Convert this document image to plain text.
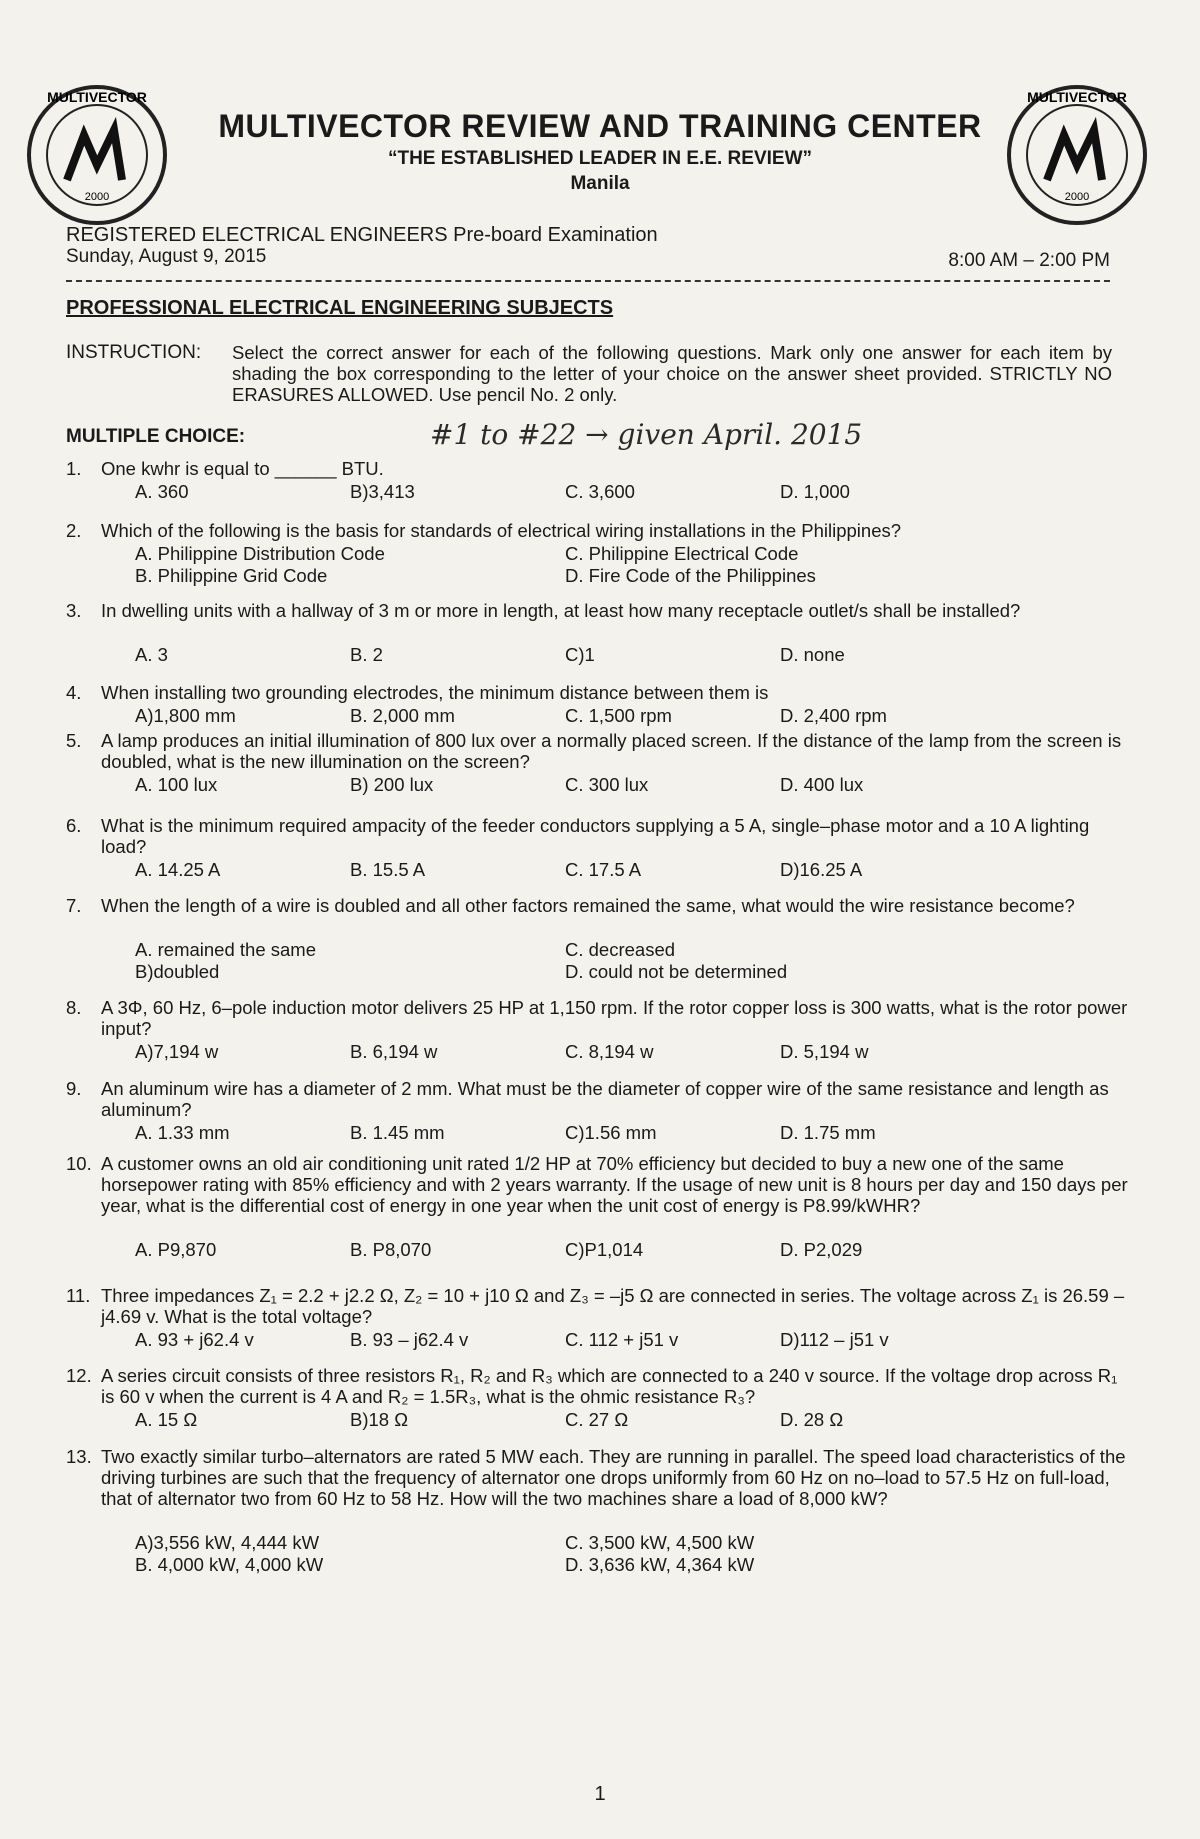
MULTIVECTOR
2000
MULTIVECTOR
2000
MULTIVECTOR REVIEW AND TRAINING CENTER
“THE ESTABLISHED LEADER IN E.E. REVIEW”
Manila
REGISTERED ELECTRICAL ENGINEERS Pre-board Examination
Sunday, August 9, 2015	8:00 AM – 2:00 PM
PROFESSIONAL ELECTRICAL ENGINEERING SUBJECTS
INSTRUCTION: Select the correct answer for each of the following questions. Mark only one answer for each item by shading the box corresponding to the letter of your choice on the answer sheet provided. STRICTLY NO ERASURES ALLOWED. Use pencil No. 2 only.
MULTIPLE CHOICE:	#1 to #22 → given April. 2015
1. One kwhr is equal to ______ BTU.
2. Which of the following is the basis for standards of electrical wiring installations in the Philippines?
3. In dwelling units with a hallway of 3 m or more in length, at least how many receptacle outlet/s shall be installed?
4. When installing two grounding electrodes, the minimum distance between them is
5. A lamp produces an initial illumination of 800 lux over a normally placed screen. If the distance of the lamp from the screen is doubled, what is the new illumination on the screen?
6. What is the minimum required ampacity of the feeder conductors supplying a 5 A, single–phase motor and a 10 A lighting load?
7. When the length of a wire is doubled and all other factors remained the same, what would the wire resistance become?
8. A 3Φ, 60 Hz, 6–pole induction motor delivers 25 HP at 1,150 rpm. If the rotor copper loss is 300 watts, what is the rotor power input?
9. An aluminum wire has a diameter of 2 mm. What must be the diameter of copper wire of the same resistance and length as aluminum?
10. A customer owns an old air conditioning unit rated 1/2 HP at 70% efficiency but decided to buy a new one of the same horsepower rating with 85% efficiency and with 2 years warranty. If the usage of new unit is 8 hours per day and 150 days per year, what is the differential cost of energy in one year when the unit cost of energy is P8.99/kWHR?
11. Three impedances Z₁ = 2.2 + j2.2 Ω, Z₂ = 10 + j10 Ω and Z₃ = –j5 Ω are connected in series. The voltage across Z₁ is 26.59 – j4.69 v. What is the total voltage?
12. A series circuit consists of three resistors R₁, R₂ and R₃ which are connected to a 240 v source. If the voltage drop across R₁ is 60 v when the current is 4 A and R₂ = 1.5R₃, what is the ohmic resistance R₃?
13. Two exactly similar turbo–alternators are rated 5 MW each. They are running in parallel. The speed load characteristics of the driving turbines are such that the frequency of alternator one drops uniformly from 60 Hz on no–load to 57.5 Hz on full-load, that of alternator two from 60 Hz to 58 Hz. How will the two machines share a load of 8,000 kW?
1
A. 360	B)3,413	C. 3,600	D. 1,000
A. Philippine Distribution Code	C. Philippine Electrical Code
B. Philippine Grid Code	D. Fire Code of the Philippines
A. 3	B. 2	C)1	D. none
A)1,800 mm	B. 2,000 mm	C. 1,500 rpm	D. 2,400 rpm
A. 100 lux	B) 200 lux	C. 300 lux	D. 400 lux
A. 14.25 A	B. 15.5 A	C. 17.5 A	D)16.25 A
A. remained the same	C. decreased
B)doubled	D. could not be determined
A)7,194 w	B. 6,194 w	C. 8,194 w	D. 5,194 w
A. 1.33 mm	B. 1.45 mm	C)1.56 mm	D. 1.75 mm
A. P9,870	B. P8,070	C)P1,014	D. P2,029
A. 93 + j62.4 v	B. 93 – j62.4 v	C. 112 + j51 v	D)112 – j51 v
A. 15 Ω	B)18 Ω	C. 27 Ω	D. 28 Ω
A)3,556 kW, 4,444 kW	C. 3,500 kW, 4,500 kW
B. 4,000 kW, 4,000 kW	D. 3,636 kW, 4,364 kW
